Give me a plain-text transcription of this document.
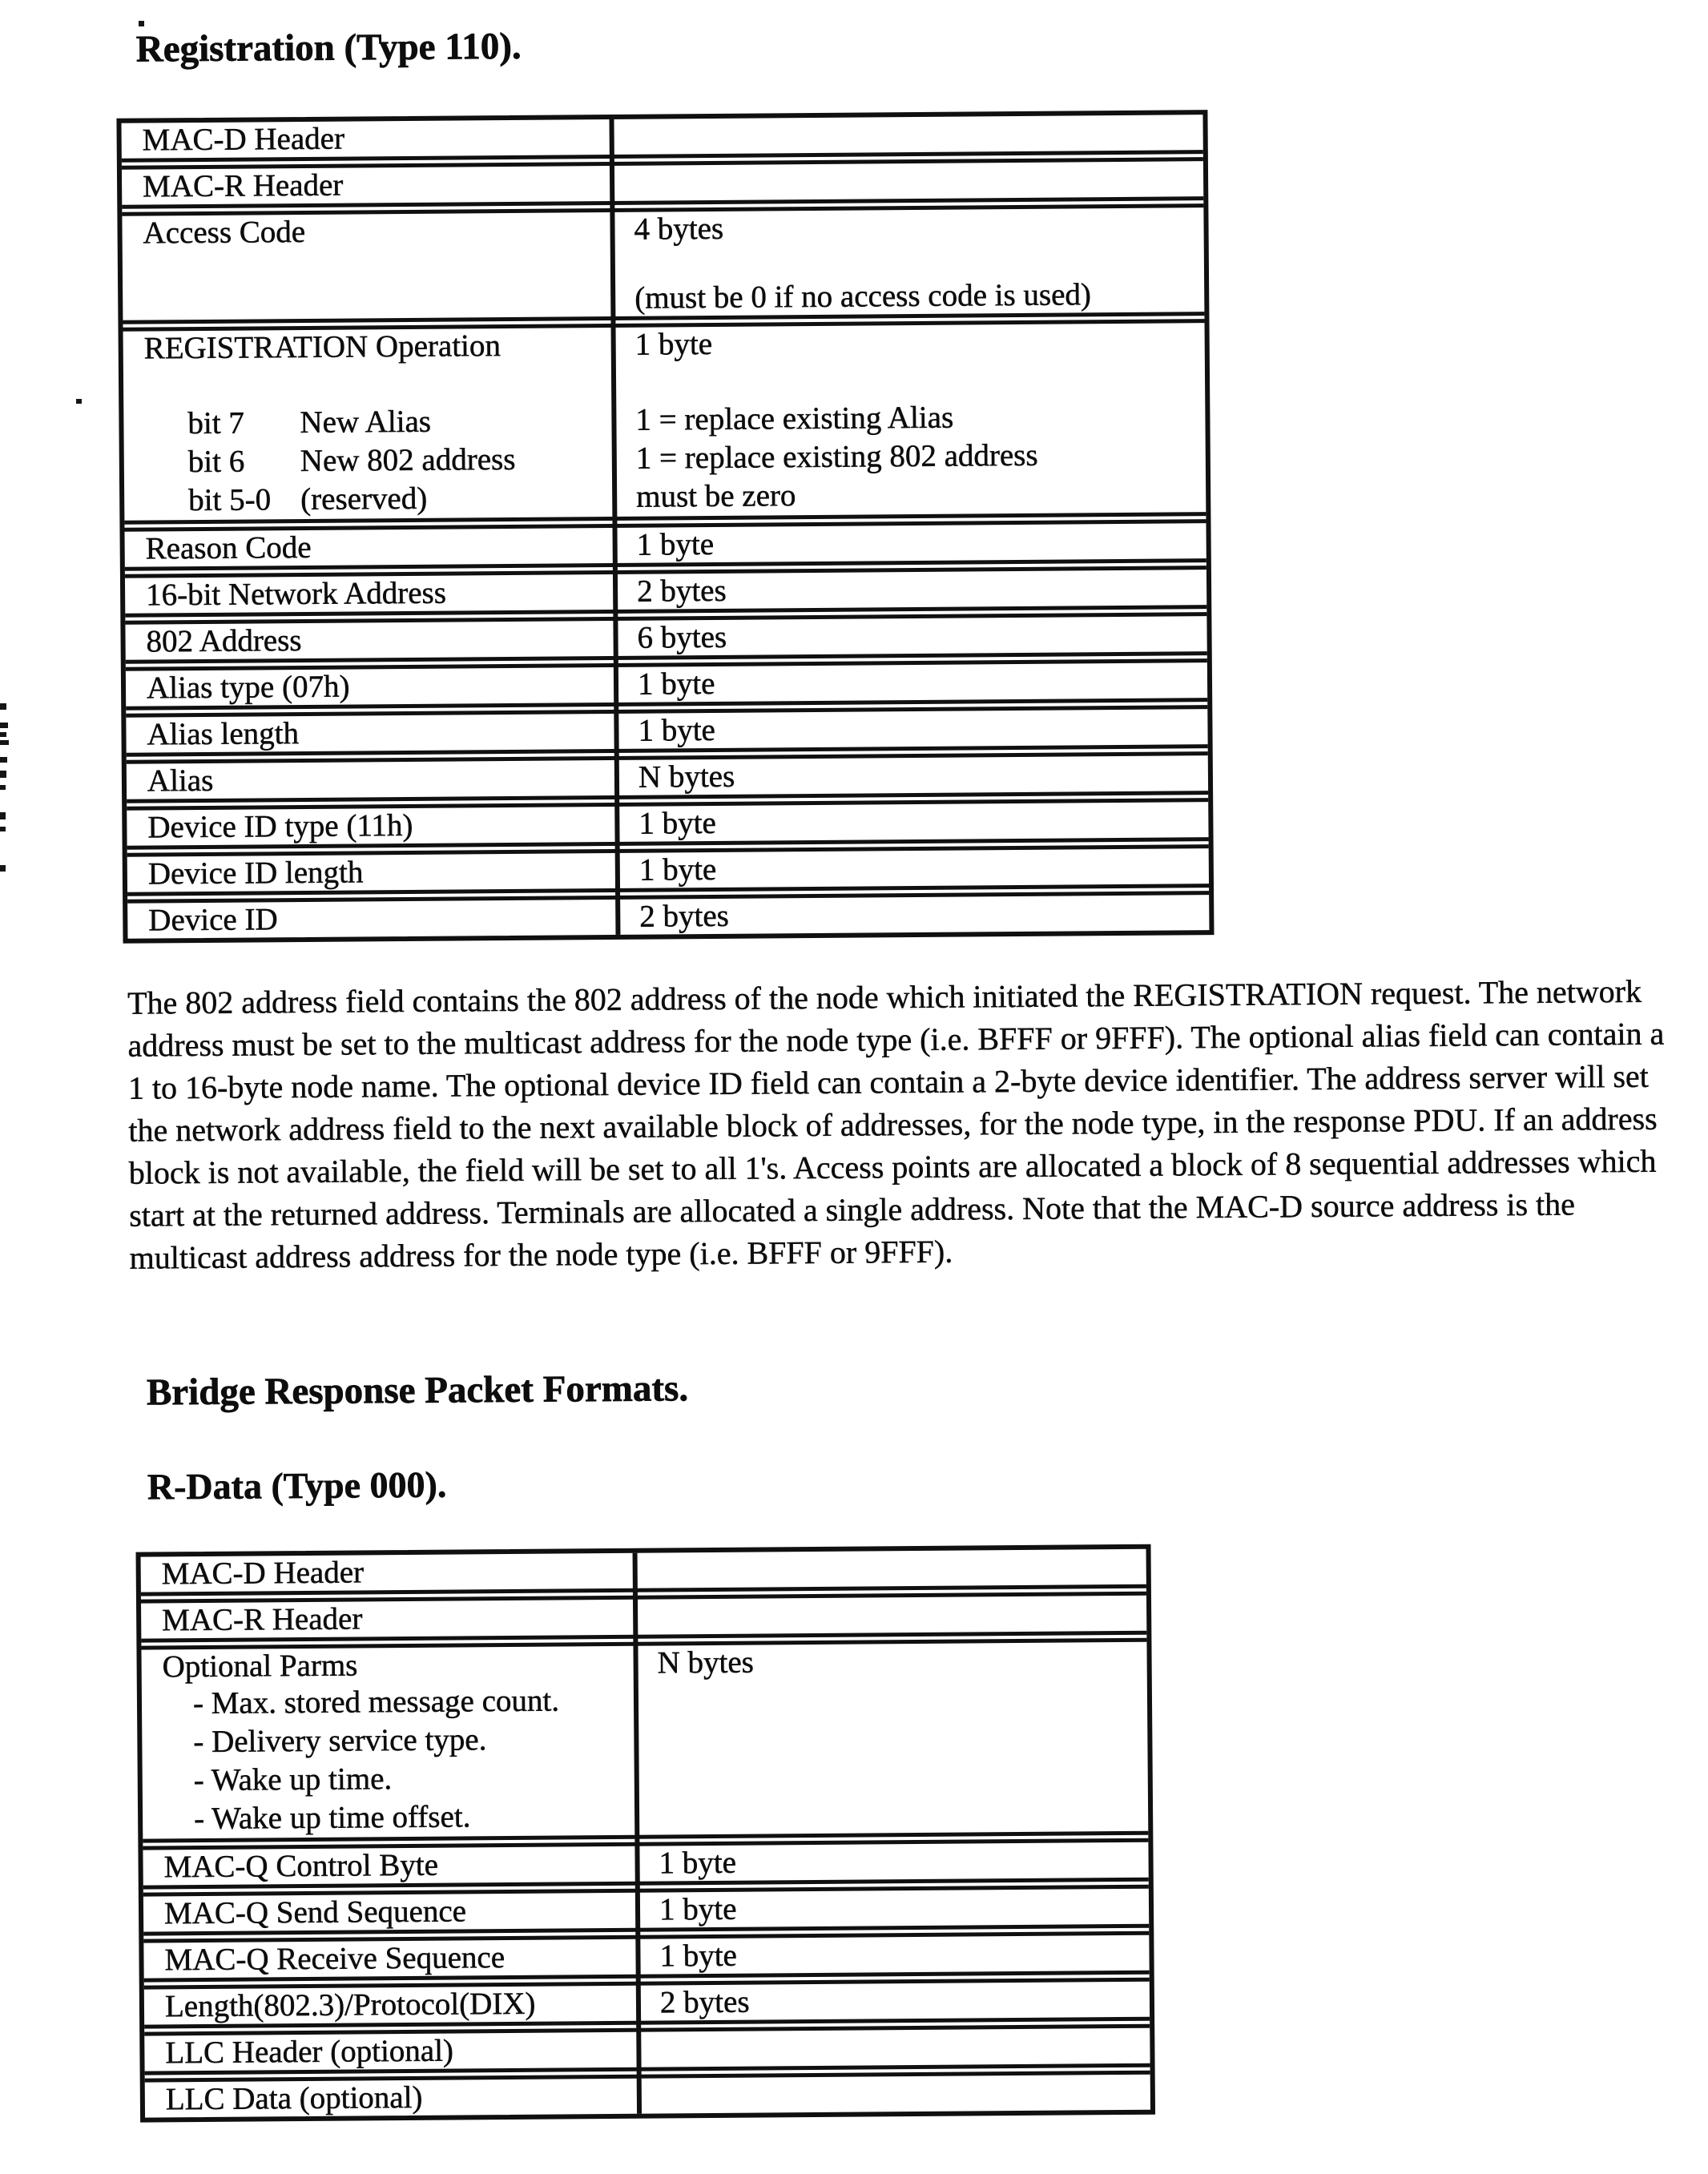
Registration (Type 110).
MAC-D Header
MAC-R Header
Access Code	4 bytes
(must be 0 if no access code is used)
REGISTRATION Operation	1 byte
bit 7 New Alias	1 = replace existing Alias
bit 6 New 802 address	1 = replace existing 802 address
bit 5-0 (reserved)	must be zero
Reason Code	1 byte
16-bit Network Address	2 bytes
802 Address	6 bytes
Alias type (07h)	1 byte
Alias length	1 byte
Alias	N bytes
Device ID type (11h)	1 byte
Device ID length	1 byte
Device ID	2 bytes
The 802 address field contains the 802 address of the node which initiated the REGISTRATION request. The network address must be set to the multicast address for the node type (i.e. BFFF or 9FFF). The optional alias field can contain a 1 to 16-byte node name. The optional device ID field can contain a 2-byte device identifier. The address server will set the network address field to the next available block of addresses, for the node type, in the response PDU. If an address block is not available, the field will be set to all 1's. Access points are allocated a block of 8 sequential addresses which start at the returned address. Terminals are allocated a single address. Note that the MAC-D source address is the multicast address address for the node type (i.e. BFFF or 9FFF).
Bridge Response Packet Formats.
R-Data (Type 000).
MAC-D Header
MAC-R Header
Optional Parms	N bytes
- Max. stored message count.
- Delivery service type.
- Wake up time.
- Wake up time offset.
MAC-Q Control Byte	1 byte
MAC-Q Send Sequence	1 byte
MAC-Q Receive Sequence	1 byte
Length(802.3)/Protocol(DIX)	2 bytes
LLC Header (optional)
LLC Data (optional)
